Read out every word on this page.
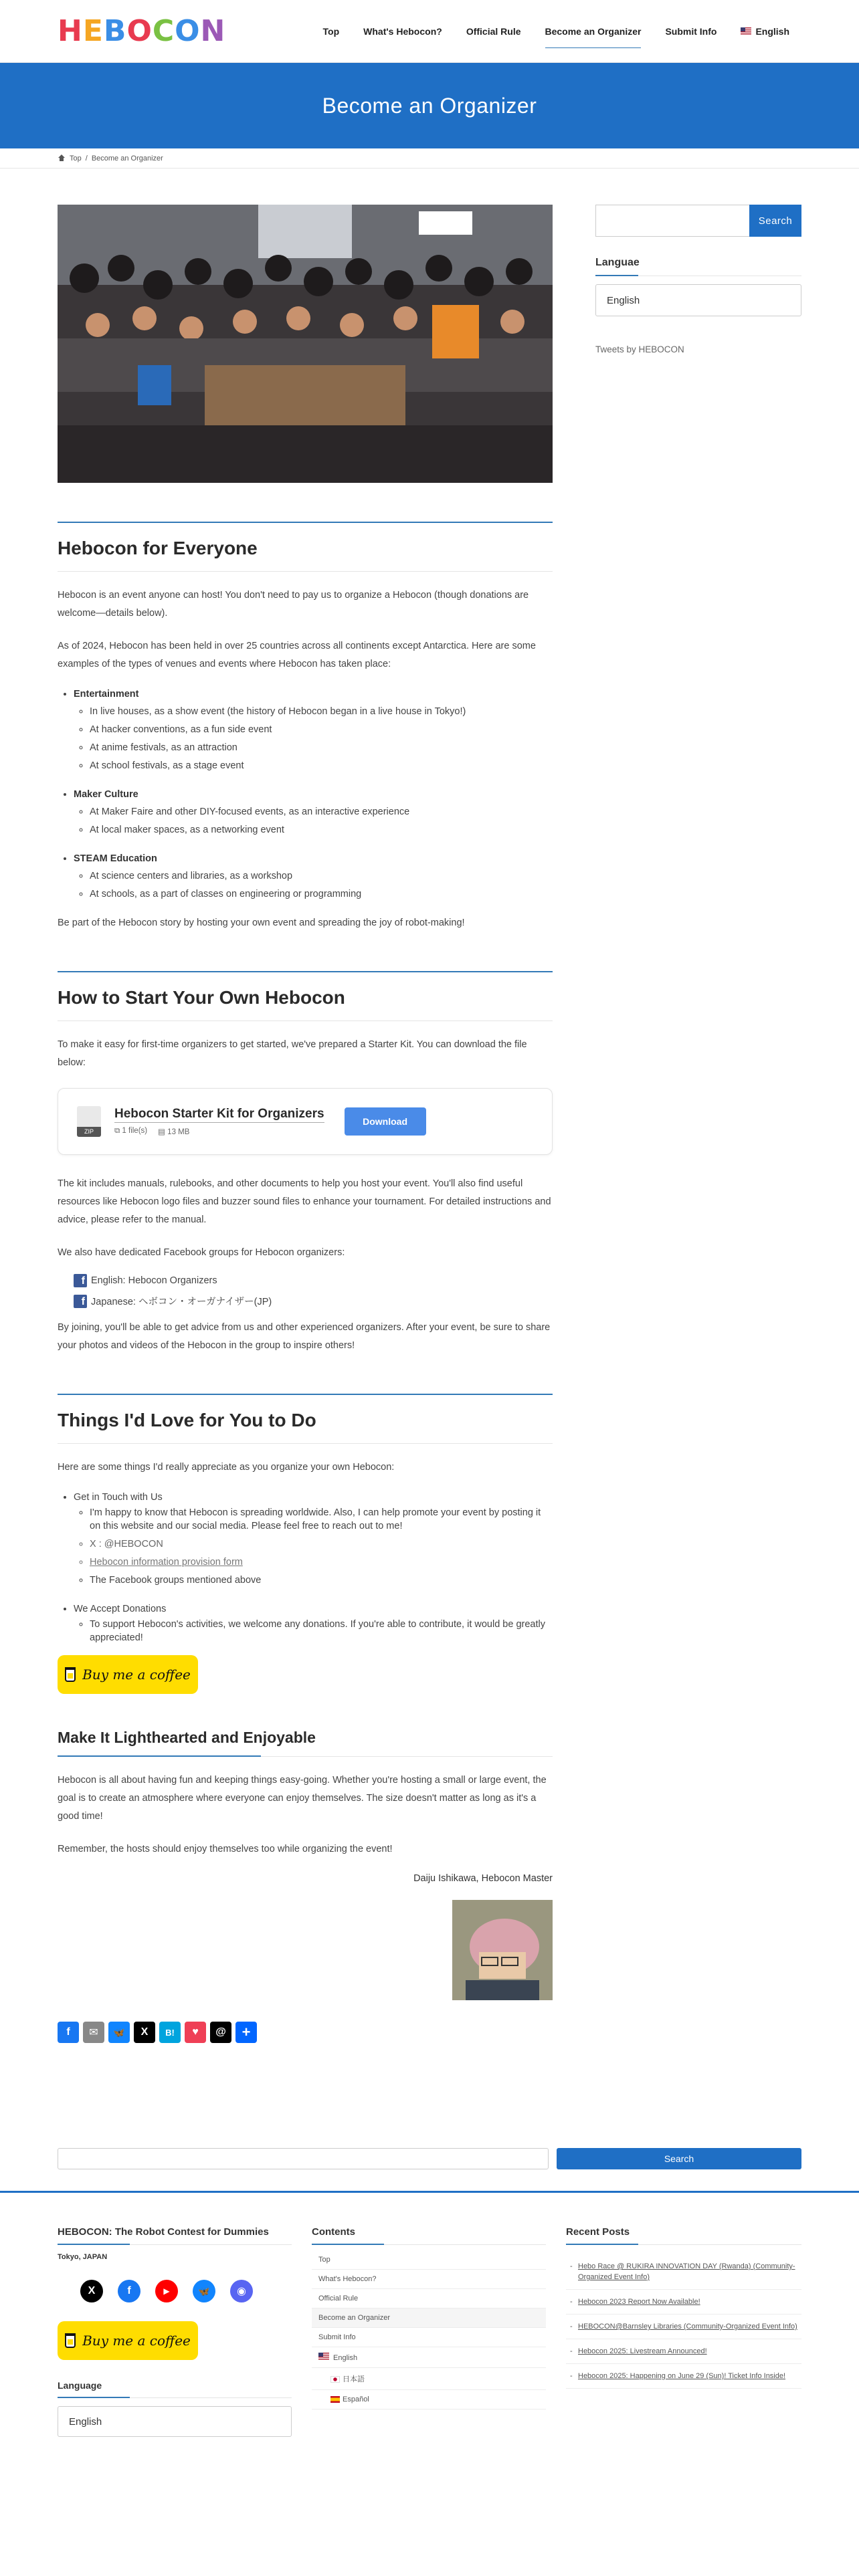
H E B O C O N	Top	What's Hebocon?	Official Rule	Become an Organizer	Submit Info	English
Become an Organizer
Top / Become an Organizer
Hebocon for Everyone

Hebocon is an event anyone can host! You don't need to pay us to organize a Hebocon (though donations are welcome—details below).

As of 2024, Hebocon has been held in over 25 countries across all continents except Antarctica. Here are some examples of the types of venues and events where Hebocon has taken place:

• Entertainment
◦ In live houses, as a show event (the history of Hebocon began in a live house in Tokyo!)
◦ At hacker conventions, as a fun side event
◦ At anime festivals, as an attraction
◦ At school festivals, as a stage event
• Maker Culture
◦ At Maker Faire and other DIY-focused events, as an interactive experience
◦ At local maker spaces, as a networking event
• STEAM Education
◦ At science centers and libraries, as a workshop
◦ At schools, as a part of classes on engineering or programming

Be part of the Hebocon story by hosting your own event and spreading the joy of robot-making!

How to Start Your Own Hebocon

To make it easy for first-time organizers to get started, we've prepared a Starter Kit. You can download the file below:

ZIP
Hebocon Starter Kit for Organizers
⧉ 1 file(s) ▤ 13 MB
Download

The kit includes manuals, rulebooks, and other documents to help you host your event. You'll also find useful resources like Hebocon logo files and buzzer sound files to enhance your tournament. For detailed instructions and advice, please refer to the manual.

We also have dedicated Facebook groups for Hebocon organizers:

f English: Hebocon Organizers
f Japanese: ヘボコン・オーガナイザー(JP)

By joining, you'll be able to get advice from us and other experienced organizers. After your event, be sure to share your photos and videos of the Hebocon in the group to inspire others!

Things I'd Love for You to Do

Here are some things I'd really appreciate as you organize your own Hebocon:

• Get in Touch with Us
◦ I'm happy to know that Hebocon is spreading worldwide. Also, I can help promote your event by posting it on this website and our social media. Please feel free to reach out to me!
◦ X : @HEBOCON
◦ Hebocon information provision form
◦ The Facebook groups mentioned above
• We Accept Donations
◦ To support Hebocon's activities, we welcome any donations. If you're able to contribute, it would be greatly appreciated!
Buy me a coffee
Make It Lighthearted and Enjoyable

Hebocon is all about having fun and keeping things easy-going. Whether you're hosting a small or large event, the goal is to create an atmosphere where everyone can enjoy themselves. The size doesn't matter as long as it's a good time!

Remember, the hosts should enjoy themselves too while organizing the event!

Daiju Ishikawa, Hebocon Master
f	✉	🦋	X	B!	♥	@	+
Search
Languae
English
Tweets by HEBOCON
Search
HEBOCON: The Robot Contest for Dummies
Tokyo, JAPAN
X	f	▶	🦋	◉
Buy me a coffee
Language
English
Contents
Top
What's Hebocon?
Official Rule
Become an Organizer
Submit Info
English
日本語
Español
Recent Posts
- Hebo Race @ RUKIRA INNOVATION DAY (Rwanda) (Community-Organized Event Info)
- Hebocon 2023 Report Now Available!
- HEBOCON@Barnsley Libraries (Community-Organized Event Info)
- Hebocon 2025: Livestream Announced!
- Hebocon 2025: Happening on June 29 (Sun)! Ticket Info Inside!
